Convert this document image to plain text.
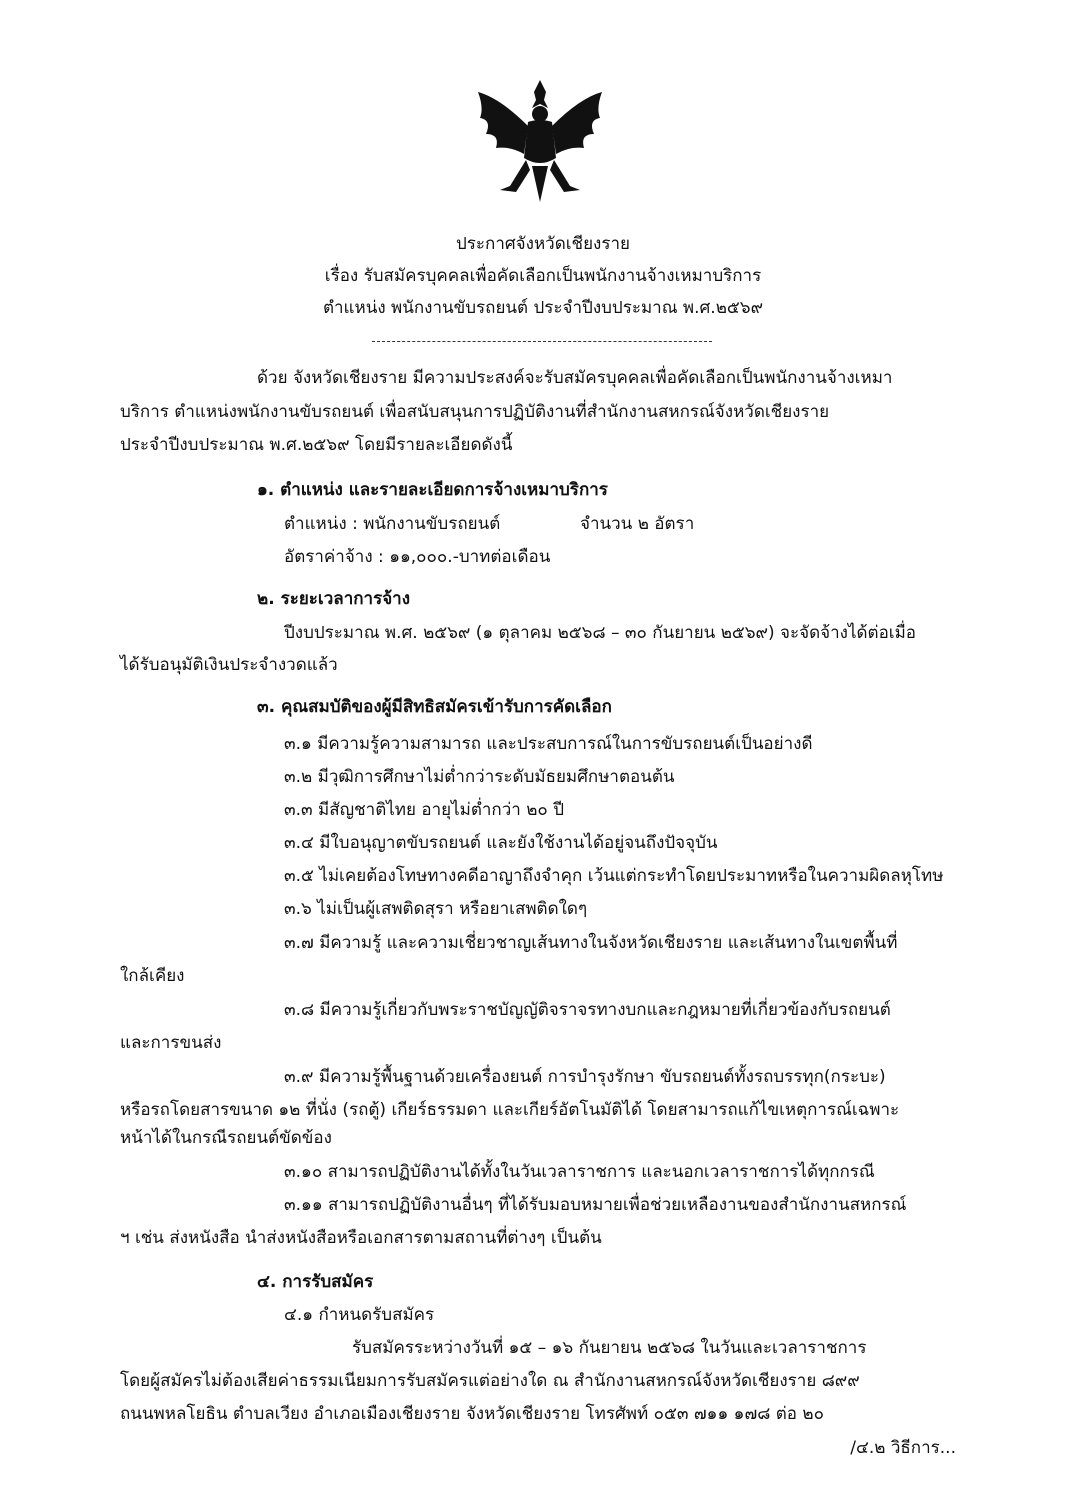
ประกาศจังหวัดเชียงราย
เรื่อง รับสมัครบุคคลเพื่อคัดเลือกเป็นพนักงานจ้างเหมาบริการ
ตำแหน่ง พนักงานขับรถยนต์ ประจำปีงบประมาณ พ.ศ.๒๕๖๙
ด้วย จังหวัดเชียงราย มีความประสงค์จะรับสมัครบุคคลเพื่อคัดเลือกเป็นพนักงานจ้างเหมา
บริการ ตำแหน่งพนักงานขับรถยนต์ เพื่อสนับสนุนการปฏิบัติงานที่สำนักงานสหกรณ์จังหวัดเชียงราย
ประจำปีงบประมาณ พ.ศ.๒๕๖๙ โดยมีรายละเอียดดังนี้
๑. ตำแหน่ง และรายละเอียดการจ้างเหมาบริการ
ตำแหน่ง : พนักงานขับรถยนต์	จำนวน ๒ อัตรา
อัตราค่าจ้าง : ๑๑,๐๐๐.-บาทต่อเดือน
๒. ระยะเวลาการจ้าง
ปีงบประมาณ พ.ศ. ๒๕๖๙ (๑ ตุลาคม ๒๕๖๘ – ๓๐ กันยายน ๒๕๖๙) จะจัดจ้างได้ต่อเมื่อ
ได้รับอนุมัติเงินประจำงวดแล้ว
๓. คุณสมบัติของผู้มีสิทธิสมัครเข้ารับการคัดเลือก
๓.๑ มีความรู้ความสามารถ และประสบการณ์ในการขับรถยนต์เป็นอย่างดี
๓.๒ มีวุฒิการศึกษาไม่ต่ำกว่าระดับมัธยมศึกษาตอนต้น
๓.๓ มีสัญชาติไทย อายุไม่ต่ำกว่า ๒๐ ปี
๓.๔ มีใบอนุญาตขับรถยนต์ และยังใช้งานได้อยู่จนถึงปัจจุบัน
๓.๕ ไม่เคยต้องโทษทางคดีอาญาถึงจำคุก เว้นแต่กระทำโดยประมาทหรือในความผิดลหุโทษ
๓.๖ ไม่เป็นผู้เสพติดสุรา หรือยาเสพติดใดๆ
๓.๗ มีความรู้ และความเชี่ยวชาญเส้นทางในจังหวัดเชียงราย และเส้นทางในเขตพื้นที่
ใกล้เคียง
๓.๘ มีความรู้เกี่ยวกับพระราชบัญญัติจราจรทางบกและกฎหมายที่เกี่ยวข้องกับรถยนต์
และการขนส่ง
๓.๙ มีความรู้พื้นฐานด้วยเครื่องยนต์ การบำรุงรักษา ขับรถยนต์ทั้งรถบรรทุก(กระบะ)
หรือรถโดยสารขนาด ๑๒ ที่นั่ง (รถตู้) เกียร์ธรรมดา และเกียร์อัตโนมัติได้ โดยสามารถแก้ไขเหตุการณ์เฉพาะ
หน้าได้ในกรณีรถยนต์ขัดข้อง
๓.๑๐ สามารถปฏิบัติงานได้ทั้งในวันเวลาราชการ และนอกเวลาราชการได้ทุกกรณี
๓.๑๑ สามารถปฏิบัติงานอื่นๆ ที่ได้รับมอบหมายเพื่อช่วยเหลืองานของสำนักงานสหกรณ์
ฯ เช่น ส่งหนังสือ นำส่งหนังสือหรือเอกสารตามสถานที่ต่างๆ เป็นต้น
๔. การรับสมัคร
๔.๑ กำหนดรับสมัคร
รับสมัครระหว่างวันที่ ๑๕ – ๑๖ กันยายน ๒๕๖๘ ในวันและเวลาราชการ
โดยผู้สมัครไม่ต้องเสียค่าธรรมเนียมการรับสมัครแต่อย่างใด ณ สำนักงานสหกรณ์จังหวัดเชียงราย ๘๙๙
ถนนพหลโยธิน ตำบลเวียง อำเภอเมืองเชียงราย จังหวัดเชียงราย โทรศัพท์ ๐๕๓ ๗๑๑ ๑๗๘ ต่อ ๒๐
/๔.๒ วิธีการ...
